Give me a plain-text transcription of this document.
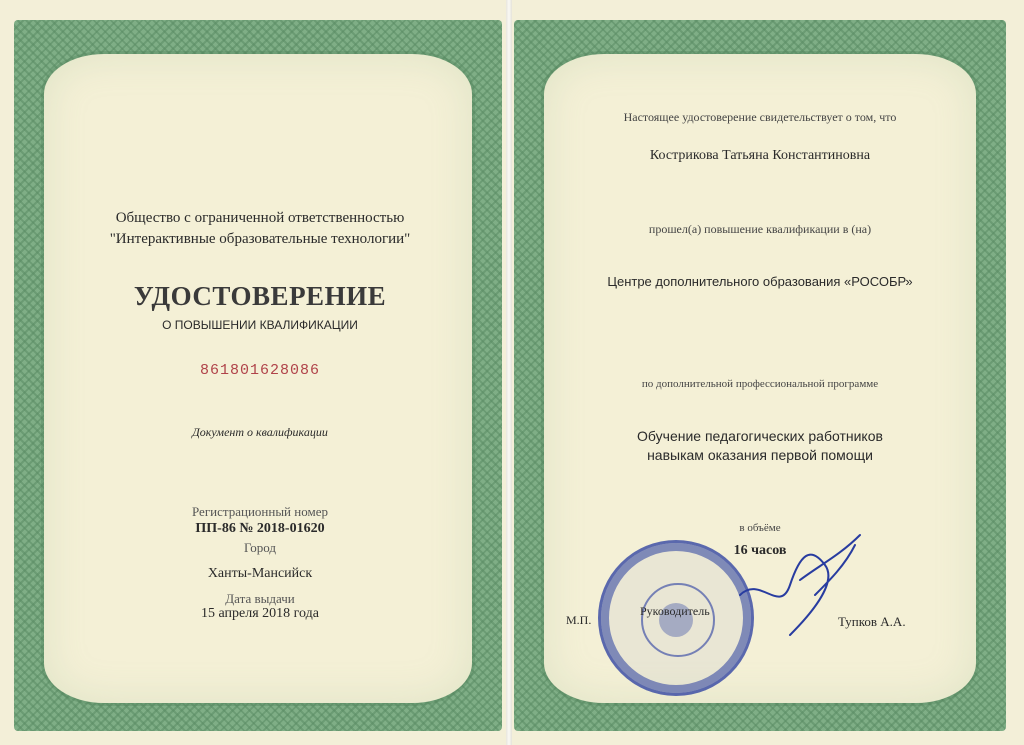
Общество с ограниченной ответственностью
"Интерактивные образовательные технологии"
УДОСТОВЕРЕНИЕ
О ПОВЫШЕНИИ КВАЛИФИКАЦИИ
861801628086
Документ о квалификации
Регистрационный номер
ПП-86 № 2018-01620
Город
Ханты-Мансийск
Дата выдачи
15 апреля 2018 года
Настоящее удостоверение свидетельствует о том, что
Кострикова Татьяна Константиновна
прошел(а) повышение квалификации в (на)
Центре дополнительного образования «РОСОБР»
по дополнительной профессиональной программе
Обучение педагогических работников
навыкам оказания первой помощи
в объёме
16 часов
М.П.
Руководитель
Тупков А.А.
